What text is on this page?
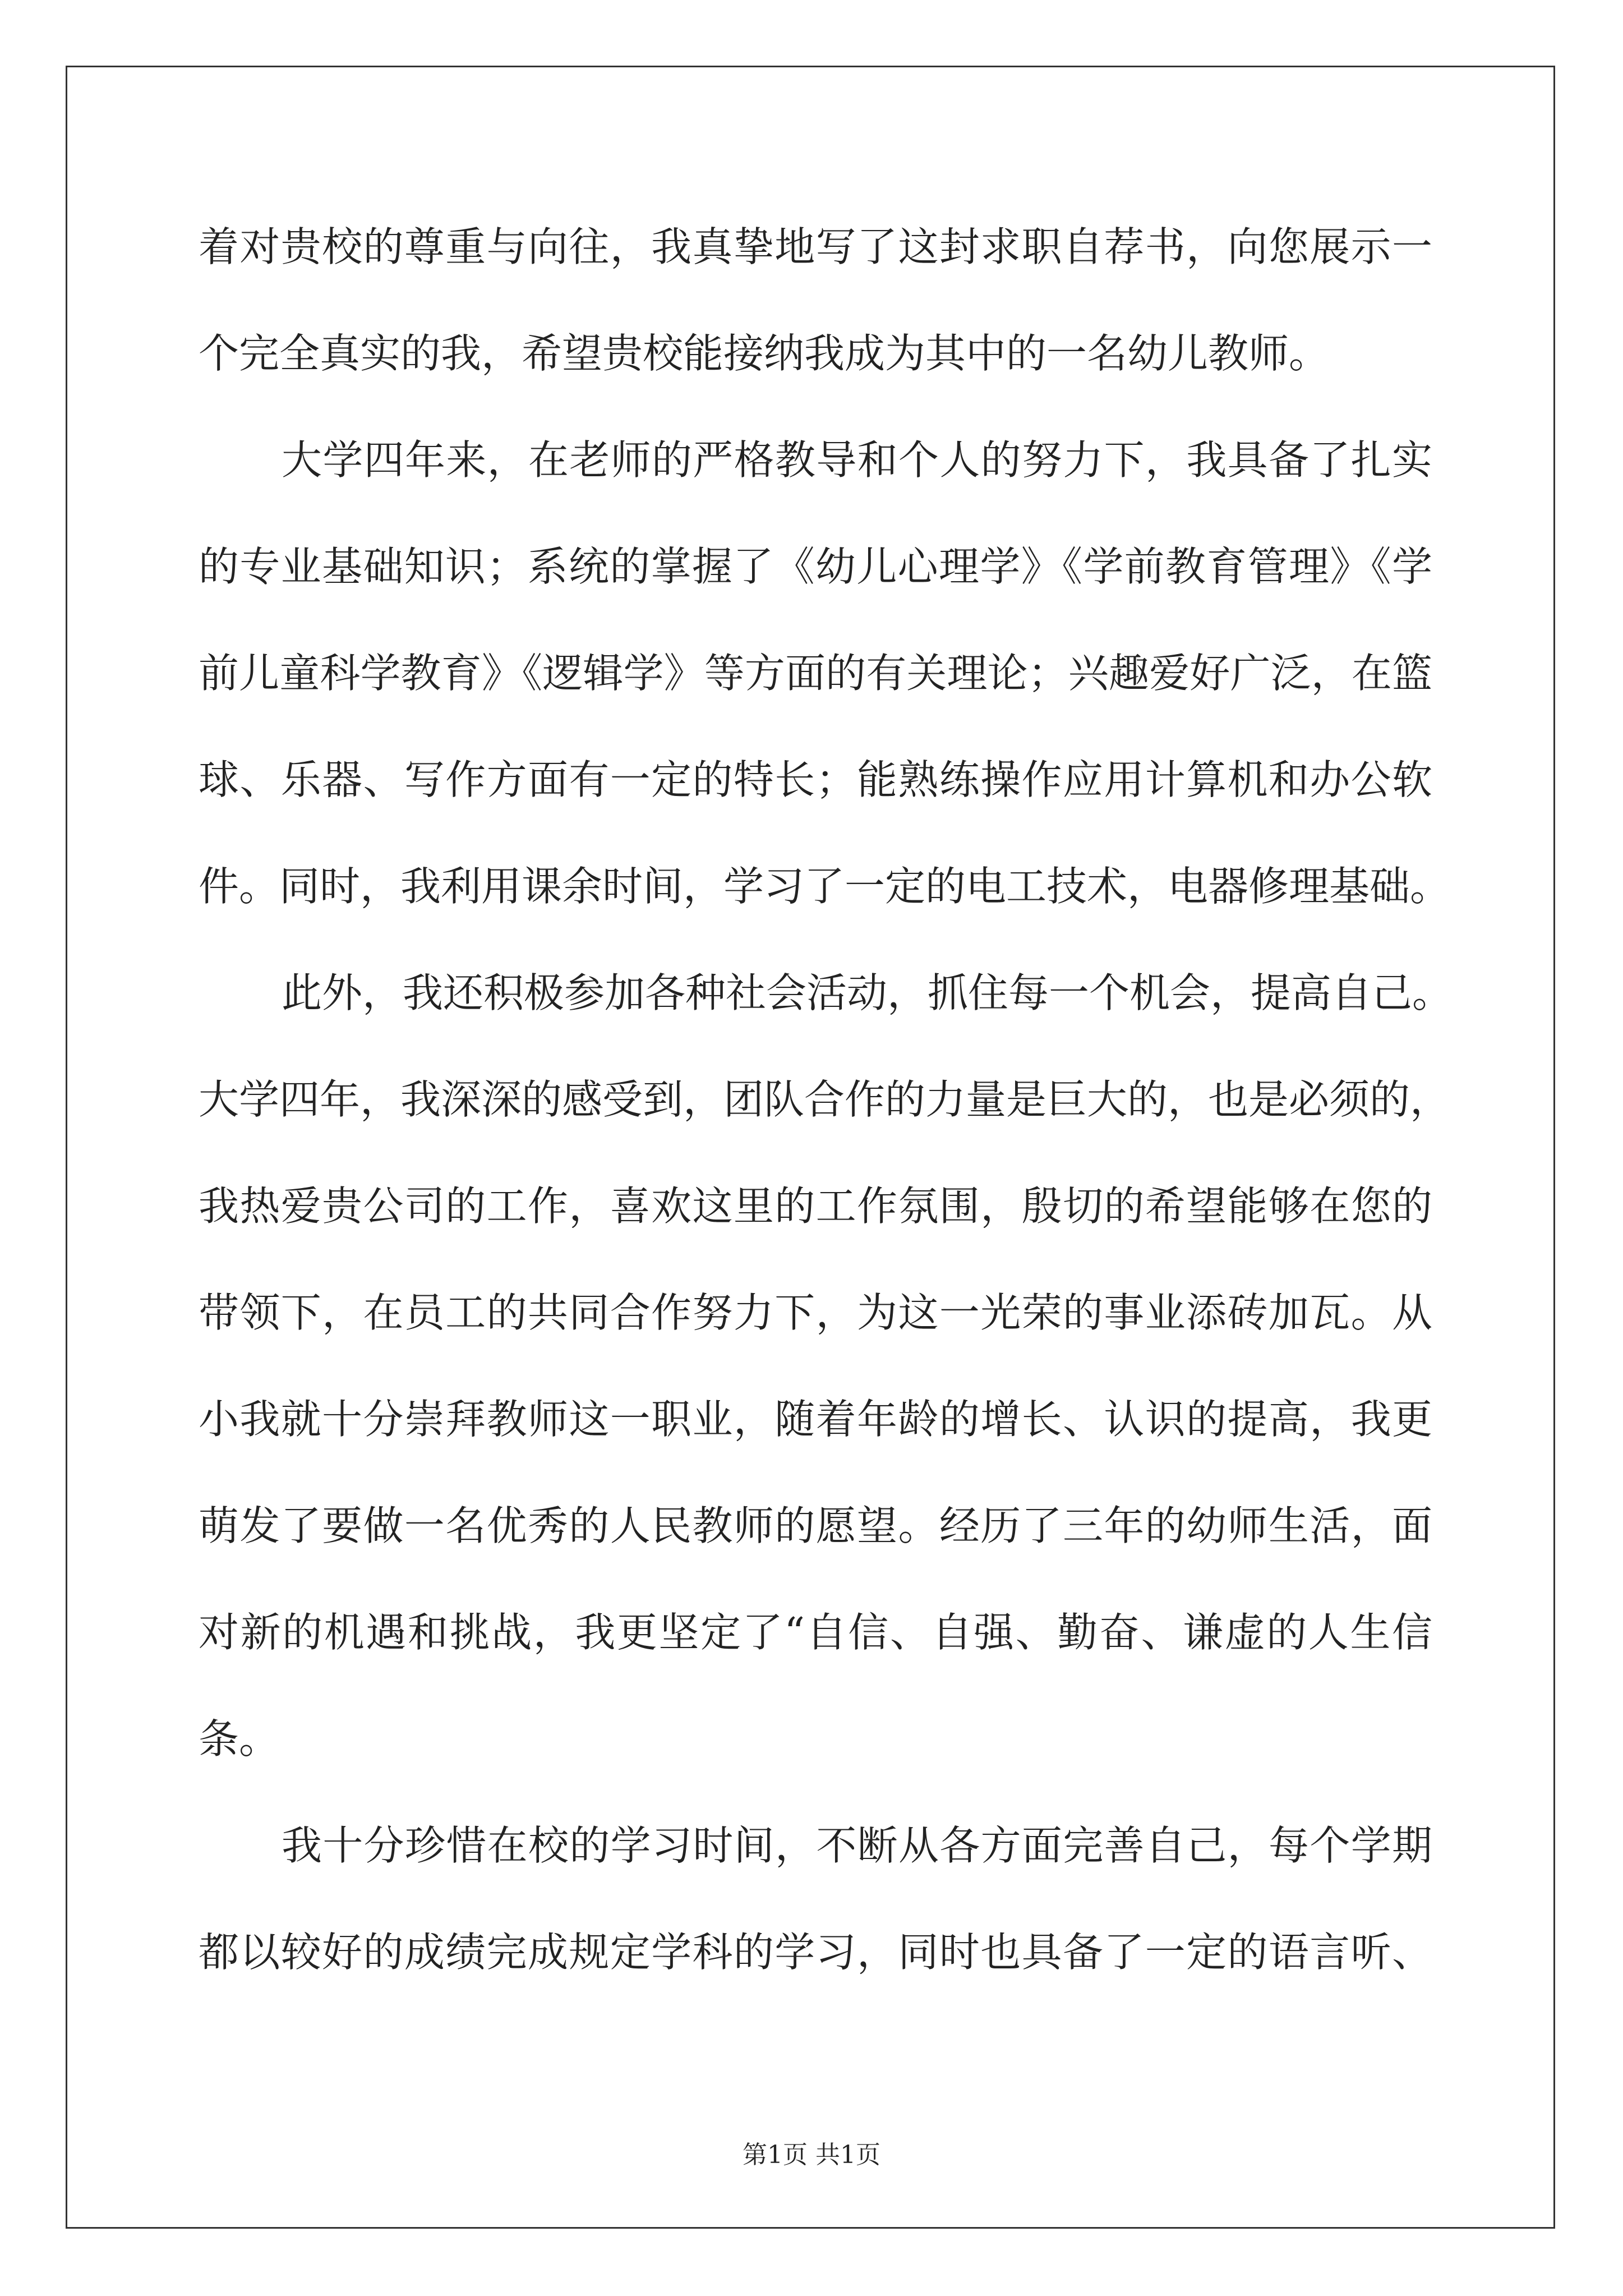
着对贵校的尊重与向往，我真挚地写了这封求职自荐书，向您展示一
个完全真实的我，希望贵校能接纳我成为其中的一名幼儿教师。
大学四年来，在老师的严格教导和个人的努力下，我具备了扎实
的专业基础知识；系统的掌握了《幼儿心理学》《学前教育管理》《学
前儿童科学教育》《逻辑学》等方面的有关理论；兴趣爱好广泛，在篮
球、乐器、写作方面有一定的特长；能熟练操作应用计算机和办公软
件。同时，我利用课余时间，学习了一定的电工技术，电器修理基础。
此外，我还积极参加各种社会活动，抓住每一个机会，提高自己。
大学四年，我深深的感受到，团队合作的力量是巨大的，也是必须的，
我热爱贵公司的工作，喜欢这里的工作氛围，殷切的希望能够在您的
带领下，在员工的共同合作努力下，为这一光荣的事业添砖加瓦。从
小我就十分崇拜教师这一职业，随着年龄的增长、认识的提高，我更
萌发了要做一名优秀的人民教师的愿望。经历了三年的幼师生活，面
对新的机遇和挑战，我更坚定了“自信、自强、勤奋、谦虚的人生信
条。
我十分珍惜在校的学习时间，不断从各方面完善自己，每个学期
都以较好的成绩完成规定学科的学习，同时也具备了一定的语言听、
第1页 共1页
